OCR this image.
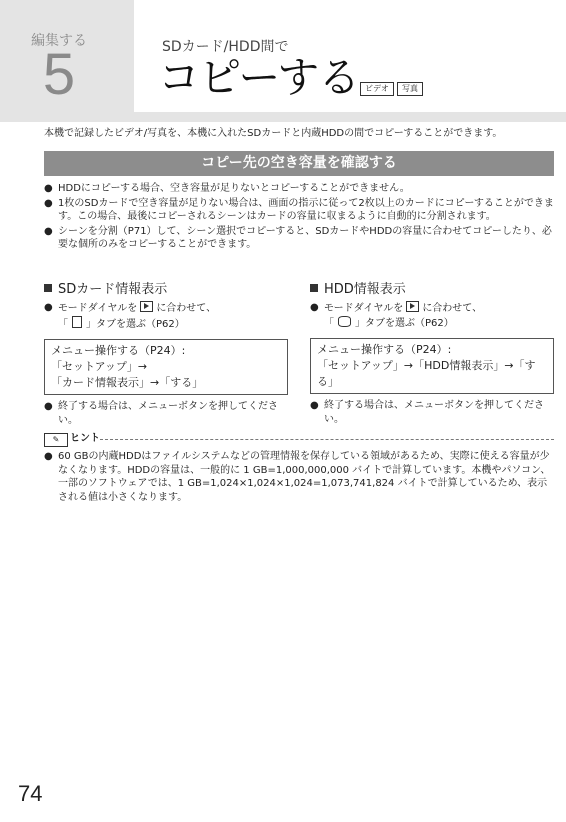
編集する
5	SDカード/HDD間で
コピーする ビデオ	写真
本機で記録したビデオ/写真を、本機に入れたSDカードと内蔵HDDの間でコピーすることができます。
コピー先の空き容量を確認する
● HDDにコピーする場合、空き容量が足りないとコピーすることができません。
● 1枚のSDカードで空き容量が足りない場合は、画面の指示に従って2枚以上のカードにコピーすることができます。この場合、最後にコピーされるシーンはカードの容量に収まるように自動的に分割されます。
● シーンを分割（P71）して、シーン選択でコピーすると、SDカードやHDDの容量に合わせてコピーしたり、必要な個所のみをコピーすることができます。
SDカード情報表示
● モードダイヤルを に合わせて、
「 」タブを選ぶ（P62）
メニュー操作する（P24）:
「セットアップ」→
「カード情報表示」→「する」
● 終了する場合は、メニューボタンを押してください。
HDD情報表示
● モードダイヤルを に合わせて、
「 」タブを選ぶ（P62）
メニュー操作する（P24）:
「セットアップ」→「HDD情報表示」→「する」
● 終了する場合は、メニューボタンを押してください。
✎	ヒント
● 60 GBの内蔵HDDはファイルシステムなどの管理情報を保存している領域があるため、実際に使える容量が少なくなります。HDDの容量は、一般的に 1 GB=1,000,000,000 バイトで計算しています。本機やパソコン、一部のソフトウェアでは、1 GB=1,024×1,024×1,024=1,073,741,824 バイトで計算しているため、表示される値は小さくなります。
74
